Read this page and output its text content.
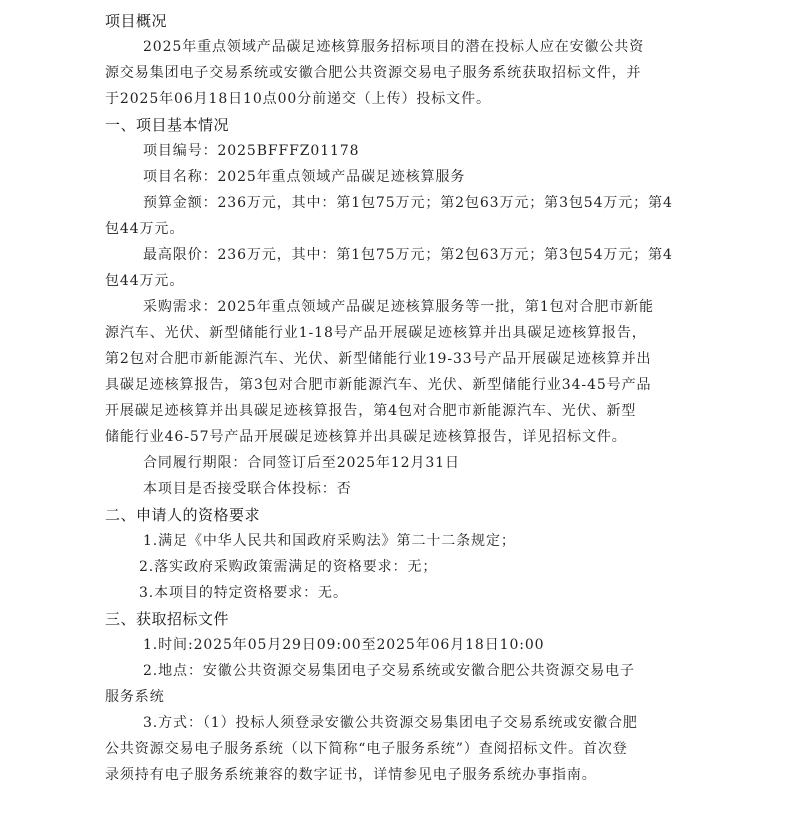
项目概况
2025年重点领域产品碳足迹核算服务招标项目的潜在投标人应在安徽公共资
源交易集团电子交易系统或安徽合肥公共资源交易电子服务系统获取招标文件，并
于2025年06月18日10点00分前递交（上传）投标文件。
一、项目基本情况
项目编号：2025BFFFZ01178
项目名称：2025年重点领域产品碳足迹核算服务
预算金额：236万元，其中：第1包75万元；第2包63万元；第3包54万元；第4
包44万元。
最高限价：236万元，其中：第1包75万元；第2包63万元；第3包54万元；第4
包44万元。
采购需求：2025年重点领域产品碳足迹核算服务等一批，第1包对合肥市新能
源汽车、光伏、新型储能行业1-18号产品开展碳足迹核算并出具碳足迹核算报告，
第2包对合肥市新能源汽车、光伏、新型储能行业19-33号产品开展碳足迹核算并出
具碳足迹核算报告，第3包对合肥市新能源汽车、光伏、新型储能行业34-45号产品
开展碳足迹核算并出具碳足迹核算报告，第4包对合肥市新能源汽车、光伏、新型
储能行业46-57号产品开展碳足迹核算并出具碳足迹核算报告，详见招标文件。
合同履行期限：合同签订后至2025年12月31日
本项目是否接受联合体投标：否
二、申请人的资格要求
1.满足《中华人民共和国政府采购法》第二十二条规定；
2.落实政府采购政策需满足的资格要求：无；
3.本项目的特定资格要求：无。
三、获取招标文件
1.时间:2025年05月29日09:00至2025年06月18日10:00
2.地点：安徽公共资源交易集团电子交易系统或安徽合肥公共资源交易电子
服务系统
3.方式：（1）投标人须登录安徽公共资源交易集团电子交易系统或安徽合肥
公共资源交易电子服务系统（以下简称“电子服务系统”）查阅招标文件。首次登
录须持有电子服务系统兼容的数字证书，详情参见电子服务系统办事指南。
